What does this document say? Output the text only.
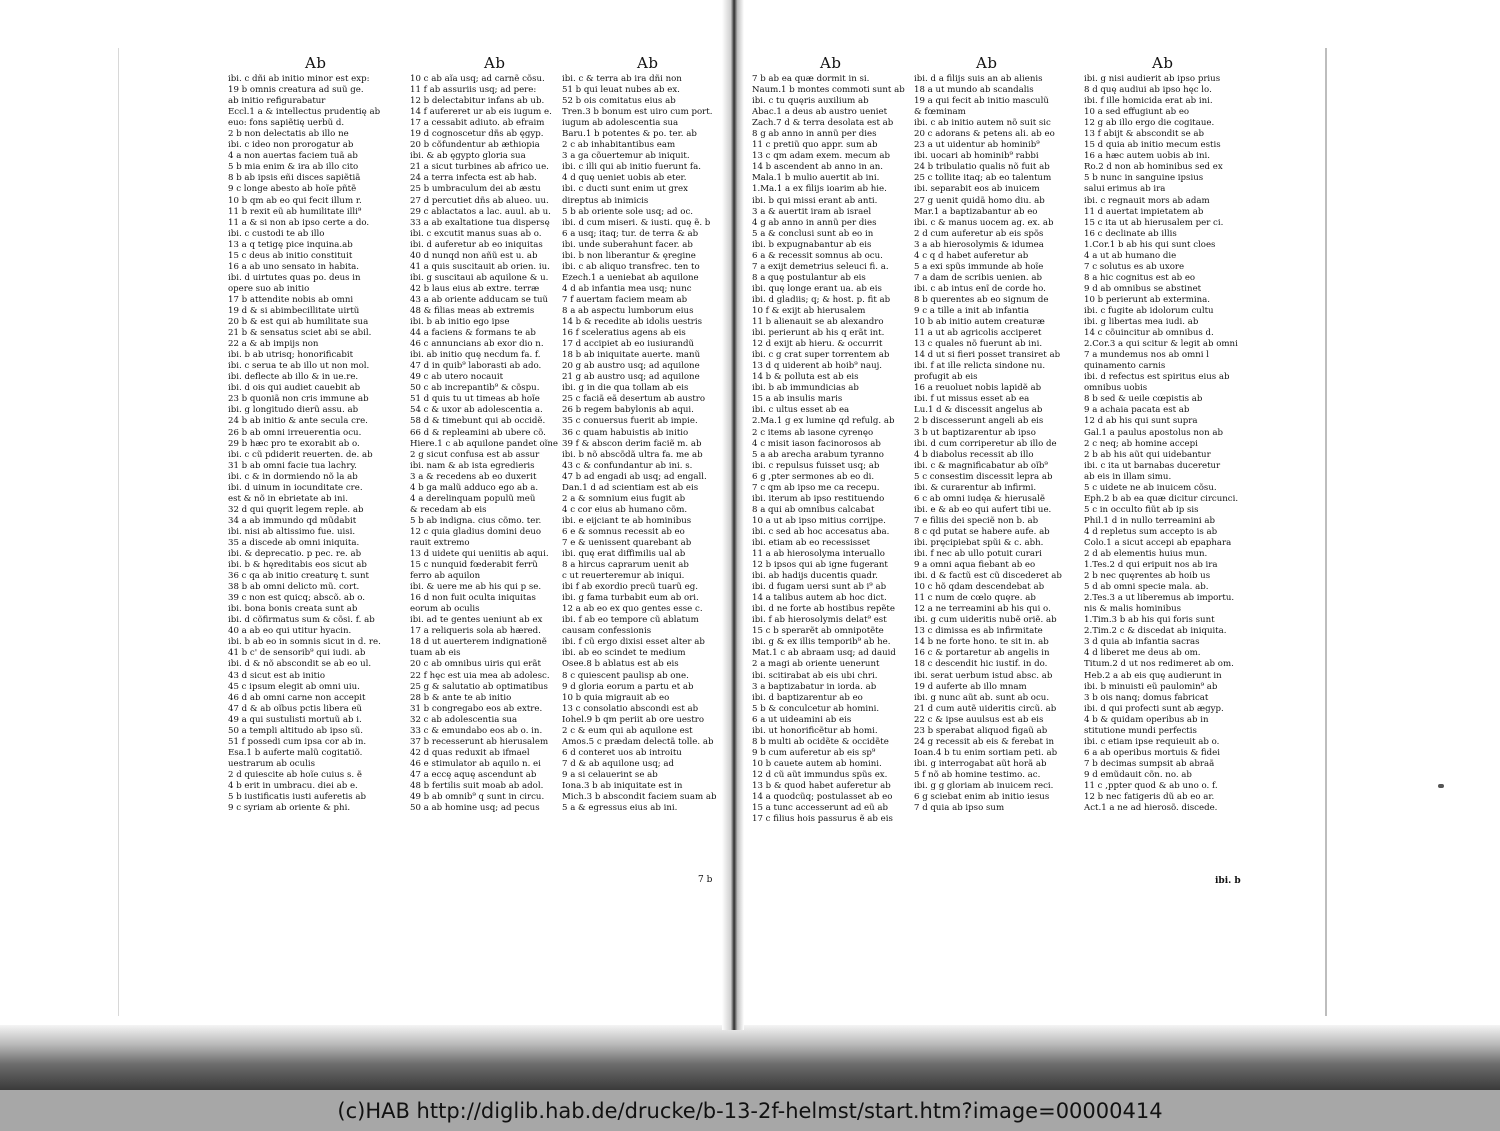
Ab	Ab	Ab	Ab	Ab	Ab
ibi. c dñi ab initio minor est exp:
19 b omnis creatura ad suũ ge.
ab initio refigurabatur
Eccl.1 a & intellectus prudentię ab
euo: fons sapiẽtię uerbũ d.
2 b non delectatis ab illo ne
ibi. c ideo non prorogatur ab
4 a non auertas faciem tuã ab
5 b mia enim & ira ab illo cito
8 b ab ipsis eñi disces sapiẽtiã
9 c longe abesto ab hoĩe pñtẽ
10 b qm ab eo qui fecit illum r.
11 b rexit eũ ab humilitate illi⁹
11 a & si non ab ipso certe a do.
ibi. c custodi te ab illo
13 a q tetigę pice inquina.ab
15 c deus ab initio constituit
16 a ab uno sensato in habita.
ibi. d uirtutes quas po. deus in
opere suo ab initio
17 b attendite nobis ab omni
19 d & si abimbecillitate uirtũ
20 b & est qui ab humilitate sua
21 b & sensatus sciet abi se abil.
22 a & ab impijs non
ibi. b ab utrisq; honorificabit
ibi. c serua te ab illo ut non mol.
ibi. deflecte ab illo & in ue.re.
ibi. d ois qui audiet cauebit ab
23 b quoniã non cris immune ab
ibi. g longitudo dierũ assu. ab
24 b ab initio & ante secula cre.
26 b ab omni irreuerentia ocu.
29 b hæc pro te exorabit ab o.
ibi. c cũ pdiderit reuerten. de. ab
31 b ab omni facie tua lachry.
ibi. c & in dormiendo nõ la ab
ibi. d uinum in iocunditate cre.
est & nõ in ebrietate ab ini.
32 d qui quęrit legem reple. ab
34 a ab immundo qd mũdabit
ibi. nisi ab altissimo fue. uisi.
35 a discede ab omni iniquita.
ibi. & deprecatio. p pec. re. ab
ibi. b & hęreditabis eos sicut ab
36 c qa ab initio creaturę t. sunt
38 b ab omni delicto mũ. cort.
39 c non est quicq; abscõ. ab o.
ibi. bona bonis creata sunt ab
ibi. d cõfirmatus sum & cõsi. f. ab
40 a ab eo qui utitur hyacin.
ibi. b ab eo in somnis sicut in d. re.
41 b c' de sensorib⁹ qui iudi. ab
ibi. d & nõ abscondit se ab eo ul.
43 d sicut est ab initio
45 c ipsum elegit ab omni uiu.
46 d ab omni carne non accepit
47 d & ab oĩbus pctis libera eũ
49 a qui sustulisti mortuũ ab i.
50 a templi altitudo ab ipso sũ.
51 f possedi cum ipsa cor ab in.
Esa.1 b auferte malũ cogitatiõ.
uestrarum ab oculis
2 d quiescite ab hoĩe cuius s. ẽ
4 b erit in umbracu. diei ab e.
5 b iustificatis iusti auferetis ab
9 c syriam ab oriente & phi.
10 c ab aĩa usq; ad carnẽ cõsu.
11 f ab assuriis usq; ad pere:
12 b delectabitur infans ab ub.
14 f aufereret ur ab eis iugum e.
17 a cessabit adiuto. ab efraim
19 d cognoscetur dñs ab ęgyp.
20 b cõfundentur ab æthiopia
ibi. & ab ęgypto gloria sua
21 a sicut turbines ab africo ue.
24 a terra infecta est ab hab.
25 b umbraculum dei ab æstu
27 d percutiet dñs ab alueo. uu.
29 c ablactatos a lac. auul. ab u.
33 a ab exaltatione tua dispersę
ibi. c excutit manus suas ab o.
ibi. d auferetur ab eo iniquitas
40 d nunqd non añũ est u. ab
41 a quis suscitauit ab orien. iu.
ibi. g suscitaui ab aquilone & u.
42 b laus eius ab extre. terræ
43 a ab oriente adducam se tuũ
48 & filias meas ab extremis
ibi. b ab initio ego ipse
44 a faciens & formans te ab
46 c annuncians ab exor dio n.
ibi. ab initio quę necdum fa. f.
47 d in quib⁹ laborasti ab ado.
49 c ab utero nocauit
50 c ab increpantib⁹ & cõspu.
51 d quis tu ut timeas ab hoĩe
54 c & uxor ab adolescentia a.
58 d & timebunt qui ab occidẽ.
66 d & repleamini ab ubere cõ.
Hiere.1 c ab aquilone pandet oĩne
2 g sicut confusa est ab assur
ibi. nam & ab ista egredieris
3 a & recedens ab eo duxerit
4 b ga malũ adduco ego ab a.
4 a derelinquam populũ meũ
& recedam ab eis
5 b ab indigna. cius cõmo. ter.
12 c quia gladius domini deuo
rauit extremo
13 d uidete qui ueniitis ab aqui.
15 c nunquid fœderabit ferrũ
ferro ab aquilon
ibi. & uere me ab his qui p se.
16 d non fuit oculta iniquitas
eorum ab oculis
ibi. ad te gentes ueniunt ab ex
17 a reliqueris sola ab hæred.
18 d ut auerterem indignationẽ
tuam ab eis
20 c ab omnibus uiris qui erãt
22 f hęc est uia mea ab adolesc.
25 g & salutatio ab optimatibus
28 b & ante te ab initio
31 b congregabo eos ab extre.
32 c ab adolescentia sua
33 c & emundabo eos ab o. in.
37 b recesserunt ab hierusalem
42 d quas reduxit ab ifmael
46 e stimulator ab aquilo n. ei
47 a eccę aquę ascendunt ab
48 b fertilis suit moab ab adol.
49 b ab omnib⁹ q sunt in circu.
50 a ab homine usq; ad pecus
ibi. c & terra ab ira dñi non
51 b qui leuat nubes ab ex.
52 b ois comitatus eius ab
Tren.3 b bonum est uiro cum port.
iugum ab adolescentia sua
Baru.1 b potentes & po. ter. ab
2 c ab inhabitantibus eam
3 a ga cõuertemur ab iniquit.
ibi. c illi qui ab initio fuerunt fa.
4 d quę ueniet uobis ab eter.
ibi. c ducti sunt enim ut grex
direptus ab inimicis
5 b ab oriente sole usq; ad oc.
ibi. d cum miseri. & iusti. quę ẽ. b
6 a usq; itaq; tur. de terra & ab
ibi. unde suberahunt facer. ab
ibi. b non liberantur & ęregine
ibi. c ab aliquo transfrec. ten to
Ezech.1 a ueniebat ab aquilone
4 d ab infantia mea usq; nunc
7 f auertam faciem meam ab
8 a ab aspectu lumborum eius
14 b & recedite ab idolis uestris
16 f sceleratius agens ab eis
17 d accipiet ab eo iusiurandũ
18 b ab iniquitate auerte. manũ
20 g ab austro usq; ad aquilone
21 g ab austro usq; ad aquilone
ibi. g in die qua tollam ab eis
25 c faciã eã desertum ab austro
26 b regem babylonis ab aqui.
35 c conuersus fuerit ab impie.
36 c quam habuistis ab initio
39 f & abscon derim faciẽ m. ab
ibi. b nõ abscõdã ultra fa. me ab
43 c & confundantur ab ini. s.
47 b ad engadi ab usq; ad engall.
Dan.1 d ad scientiam est ab eis
2 a & somnium eius fugit ab
4 c cor eius ab humano cõm.
ibi. e eijciant te ab hominibus
6 e & somnus recessit ab eo
7 e & uenissent quarebant ab
ibi. quę erat diffimilis ual ab
8 a hircus caprarum uenit ab
c ut reuerteremur ab iniqui.
ibi f ab exordio precũ tuarũ eg.
ibi. g fama turbabit eum ab ori.
12 a ab eo ex quo gentes esse c.
ibi. f ab eo tempore cũ ablatum
causam confessionis
ibi. f cũ ergo dixisi esset alter ab
ibi. ab eo scindet te medium
Osee.8 b ablatus est ab eis
8 c quiescent paulisp ab one.
9 d gloria eorum a partu et ab
10 b quia migrauit ab eo
13 c consolatio abscondi est ab
Iohel.9 b qm periit ab ore uestro
2 c & eum qui ab aquilone est
Amos.5 c prædam delectã tolle. ab
6 d conteret uos ab introitu
7 d & ab aquilone usq; ad
9 a si celauerint se ab
Iona.3 b ab iniquitate est in
Mich.3 b abscondit faciem suam ab
5 a & egressus eius ab ini.
7 b ab ea quæ dormit in si.
Naum.1 b montes commoti sunt ab
ibi. c tu quęris auxilium ab
Abac.1 a deus ab austro ueniet
Zach.7 d & terra desolata est ab
8 g ab anno in annũ per dies
11 c pretiũ quo appr. sum ab
13 c qm adam exem. mecum ab
14 b ascendent ab anno in an.
Mala.1 b mulio auertit ab ini.
1.Ma.1 a ex filijs ioarim ab hie.
ibi. b qui missi erant ab anti.
3 a & auertit iram ab israel
4 g ab anno in annũ per dies
5 a & conclusi sunt ab eo in
ibi. b expugnabantur ab eis
6 a & recessit somnus ab ocu.
7 a exijt demetrius seleuci fi. a.
8 a quę postulantur ab eis
ibi. quę longe erant ua. ab eis
ibi. d gladiis; q; & host. p. fit ab
10 f & exijt ab hierusalem
11 b alienauit se ab alexandro
ibi. perierunt ab his q erãt int.
12 d exijt ab hieru. & occurrit
ibi. c g crat super torrentem ab
13 d q uiderent ab hoib⁹ nauj.
14 b & polluta est ab eis
ibi. b ab immundicias ab
15 a ab insulis maris
ibi. c ultus esset ab ea
2.Ma.1 g ex lumine qd refulg. ab
2 c items ab iasone cyrenęo
4 c misit iason facinorosos ab
5 a ab arecha arabum tyranno
ibi. c repulsus fuisset usq; ab
6 g ,pter sermones ab eo di.
7 c qm ab ipso me ca recepu.
ibi. iterum ab ipso restituendo
8 a qui ab omnibus calcabat
10 a ut ab ipso mitius corrijpe.
ibi. c sed ab hoc accesatus aba.
ibi. etiam ab eo recessisset
11 a ab hierosolyma interuallo
12 b ipsos qui ab igne fugerant
ibi. ab hadijs ducentis quadr.
ibi. d fugam uersi sunt ab i⁹ ab
14 a talibus autem ab hoc dict.
ibi. d ne forte ab hostibus repẽte
ibi. f ab hierosolymis delat⁹ est
15 c b sperarẽt ab omnipotẽte
ibi. g & ex illis temporib⁹ ab he.
Mat.1 c ab abraam usq; ad dauid
2 a magi ab oriente uenerunt
ibi. scitirabat ab eis ubi chri.
3 a baptizabatur in iorda. ab
ibi. d baptizarentur ab eo
5 b & conculcetur ab homini.
6 a ut uideamini ab eis
ibi. ut honorificẽtur ab homi.
8 b multi ab ocidẽte & occidẽte
9 b cum auferetur ab eis sp⁹
10 b cauete autem ab homini.
12 d cũ aũt immundus spũs ex.
13 b & quod habet auferetur ab
14 a quodcũq; postulasset ab eo
15 a tunc accesserunt ad eũ ab
17 c filius hois passurus ẽ ab eis
ibi. d a filijs suis an ab alienis
18 a ut mundo ab scandalis
19 a qui fecit ab initio masculũ
& fœminam
ibi. c ab initio autem nõ suit sic
20 c adorans & petens ali. ab eo
23 a ut uidentur ab hominib⁹
ibi. uocari ab hominib⁹ rabbi
24 b tribulatio qualis nõ fuit ab
25 c tollite itaq; ab eo talentum
ibi. separabit eos ab inuicem
27 g uenit quidã homo diu. ab
Mar.1 a baptizabantur ab eo
ibi. c & manus uocem ag. ex. ab
2 d cum auferetur ab eis spõs
3 a ab hierosolymis & idumea
4 c q d habet auferetur ab
5 a exi spũs immunde ab hoĩe
7 a dam de scribis uenien. ab
ibi. c ab intus enĩ de corde ho.
8 b querentes ab eo signum de
9 c a tille a init ab infantia
10 b ab initio autem creaturæ
11 a ut ab agricolis acciperet
13 c quales nõ fuerunt ab ini.
14 d ut si fieri posset transiret ab
ibi. f at ille relicta sindone nu.
profugit ab eis
16 a reuoluet nobis lapidẽ ab
ibi. f ut missus esset ab ea
Lu.1 d & discessit angelus ab
2 b discesserunt angeli ab eis
3 b ut baptizarentur ab ipso
ibi. d cum corriperetur ab illo de
4 b diabolus recessit ab illo
ibi. c & magnificabatur ab oĩb⁹
5 c consestim discessit lepra ab
ibi. & curarentur ab infirmi.
6 c ab omni iudęa & hierusalẽ
ibi. e & ab eo qui aufert tibi ue.
7 e filiis dei speciẽ non b. ab
8 c qd putat se habere aufe. ab
ibi. pręcipiebat spũi & c. abh.
ibi. f nec ab ullo potuit curari
9 a omni aqua fiebant ab eo
ibi. d & factũ est cũ discederet ab
10 c hõ qdam descendebat ab
11 c num de cœlo quęre. ab
12 a ne terreamini ab his qui o.
ibi. g cum uideritis nubẽ oriẽ. ab
13 c dimissa es ab infirmitate
14 b ne forte hono. te sit in. ab
16 c & portaretur ab angelis in
18 c descendit hic iustif. in do.
ibi. serat uerbum istud absc. ab
19 d auferte ab illo mnam
ibi. g nunc aũt ab. sunt ab ocu.
21 d cum autẽ uideritis circũ. ab
22 c & ipse auulsus est ab eis
23 b sperabat aliquod figaũ ab
24 g recessit ab eis & ferebat in
Ioan.4 b tu enim sortiam peti. ab
ibi. g interrogabat aũt horã ab
5 f nõ ab homine testimo. ac.
ibi. g g gloriam ab inuicem reci.
6 g sciebat enim ab initio iesus
7 d quia ab ipso sum
ibi. g nisi audierit ab ipso prius
8 d quę audiui ab ipso hęc lo.
ibi. f ille homicida erat ab ini.
10 a sed effugiunt ab eo
12 g ab illo ergo die cogitaue.
13 f abijt & abscondit se ab
15 d quia ab initio mecum estis
16 a hæc autem uobis ab ini.
Ro.2 d non ab hominibus sed ex
5 b nunc in sanguine ipsius
salui erimus ab ira
ibi. c regnauit mors ab adam
11 d auertat impietatem ab
15 c ita ut ab hierusalem per ci.
16 c declinate ab illis
1.Cor.1 b ab his qui sunt cloes
4 a ut ab humano die
7 c solutus es ab uxore
8 a hic cognitus est ab eo
9 d ab omnibus se abstinet
10 b perierunt ab extermina.
ibi. c fugite ab idolorum cultu
ibi. g libertas mea iudi. ab
14 c cõuincitur ab omnibus d.
2.Cor.3 a qui scitur & legit ab omni
7 a mundemus nos ab omni l
quinamento carnis
ibi. d refectus est spiritus eius ab
omnibus uobis
8 b sed & ueile cœpistis ab
9 a achaia pacata est ab
12 d ab his qui sunt supra
Gal.1 a paulus apostolus non ab
2 c neq; ab homine accepi
2 b ab his aũt qui uidebantur
ibi. c ita ut barnabas duceretur
ab eis in illam simu.
5 c uidete ne ab inuicem cõsu.
Eph.2 b ab ea quæ dicitur circunci.
5 c in occulto fiũt ab ip sis
Phil.1 d in nullo terreamini ab
4 d repletus sum accepto is ab
Colo.1 a sicut accepi ab epaphara
2 d ab elementis huius mun.
1.Tes.2 d qui eripuit nos ab ira
2 b nec quęrentes ab hoib us
5 d ab omni specie mala. ab.
2.Tes.3 a ut liberemus ab importu.
nis & malis hominibus
1.Tim.3 b ab his qui foris sunt
2.Tim.2 c & discedat ab iniquita.
3 d quia ab infantia sacras
4 d liberet me deus ab om.
Titum.2 d ut nos redimeret ab om.
Heb.2 a ab eis quę audierunt in
ibi. b minuisti eũ paulomin⁹ ab
3 b ois nanq; domus fabricat
ibi. d qui profecti sunt ab ægyp.
4 b & quidam operibus ab in
stitutione mundi perfectis
ibi. c etiam ipse requieuit ab o.
6 a ab operibus mortuis & fidei
7 b decimas sumpsit ab abraã
9 d emũdauit cõn. no. ab
11 c ,ppter quod & ab uno o. f.
12 b nec fatigeris dũ ab eo ar.
Act.1 a ne ad hierosõ. discede.
7 b	ibi. b
(c)HAB http://diglib.hab.de/drucke/b-13-2f-helmst/start.htm?image=00000414
